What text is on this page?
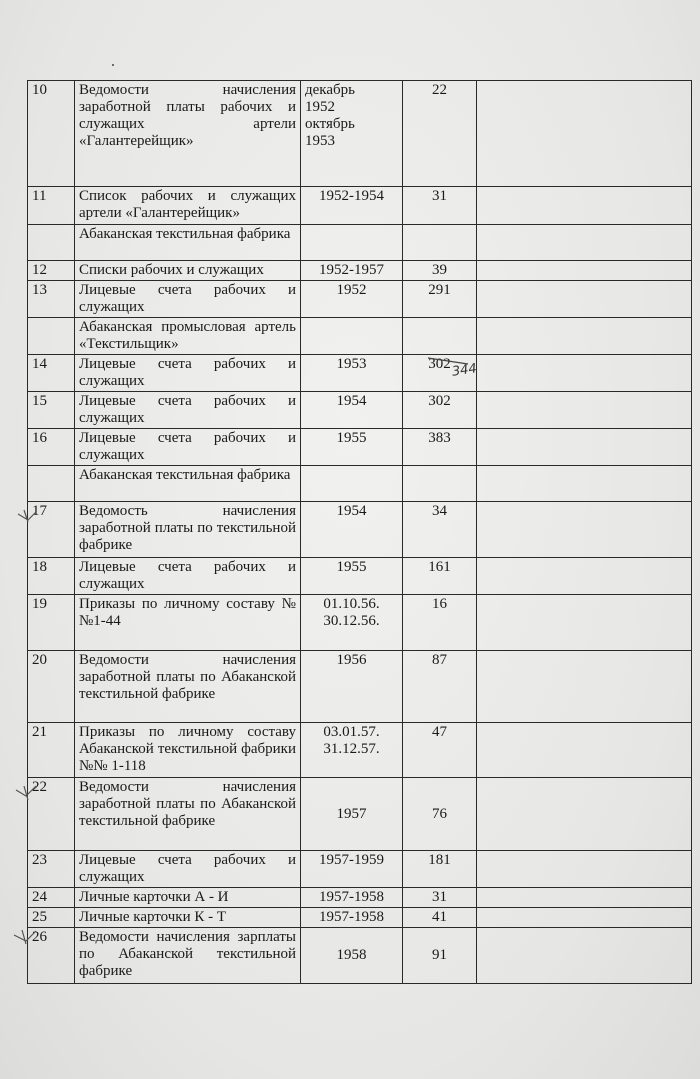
10	Ведомости начисления заработной платы рабочих и служащих артели «Галантерейщик»	декабрь
1952
октябрь
1953	22	
11	Список рабочих и служащих артели «Галантерейщик»	1952-1954	31	
	Абаканская текстильная фабрика	

12	Списки рабочих и служащих	1952-1957	39	
13	Лицевые счета рабочих и служащих	1952	291	
	Абаканская промысловая артель «Текстильщик»	

14	Лицевые счета рабочих и служащих	1953	302	
15	Лицевые счета рабочих и служащих	1954	302	
16	Лицевые счета рабочих и служащих	1955	383	
	Абаканская текстильная фабрика	

17	Ведомость начисления заработной платы по текстильной фабрике	1954	34	
18	Лицевые счета рабочих и служащих	1955	161	
19	Приказы по личному составу №№1-44	01.10.56.
30.12.56.	16	
20	Ведомости начисления заработной платы по Абаканской текстильной фабрике	1956	87	
21	Приказы по личному составу Абаканской текстильной фабрики №№ 1-118	03.01.57.
31.12.57.	47	
22	Ведомости начисления заработной платы по Абаканской текстильной фабрике	1957	76	
23	Лицевые счета рабочих и служащих	1957-1959	181	
24	Личные карточки А - И	1957-1958	31	
25	Личные карточки К - Т	1957-1958	41	
26	Ведомости начисления зарплаты по Абаканской текстильной фабрике	1958	91	
344
